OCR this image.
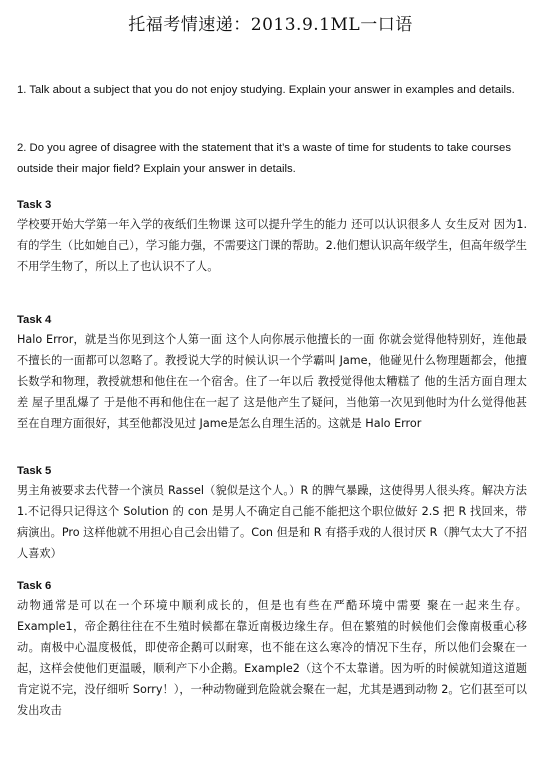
托福考情速递：2013.9.1ML一口语
1. Talk about a subject that you do not enjoy studying. Explain your answer in examples and details.
2. Do you agree of disagree with the statement that it’s a waste of time for students to take courses outside their major field? Explain your answer in details.
Task 3
学校要开始大学第一年入学的夜纸们生物课 这可以提升学生的能力 还可以认识很多人 女生反对 因为1.有的学生（比如她自己），学习能力强，不需要这门课的帮助。2.他们想认识高年级学生，但高年级学生不用学生物了，所以上了也认识不了人。
Task 4
Halo Error，就是当你见到这个人第一面 这个人向你展示他擅长的一面 你就会觉得他特别好，连他最不擅长的一面都可以忽略了。教授说大学的时候认识一个学霸叫 Jame，他碰见什么物理题都会，他擅长数学和物理，教授就想和他住在一个宿舍。住了一年以后 教授觉得他太糟糕了 他的生活方面自理太差 屋子里乱爆了 于是他不再和他住在一起了 这是他产生了疑问，当他第一次见到他时为什么觉得他甚至在自理方面很好，其至他都没见过 Jame是怎么自理生活的。这就是 Halo Error
Task 5
男主角被要求去代替一个演员 Rassel（貌似是这个人。）R 的脾气暴躁，这使得男人很头疼。解决方法 1.不记得只记得这个 Solution 的 con 是男人不确定自己能不能把这个职位做好 2.S 把 R 找回来，带病演出。Pro 这样他就不用担心自己会出错了。Con 但是和 R 有搭手戏的人很讨厌 R（脾气太大了不招人喜欢）
Task 6
动物通常是可以在一个环境中顺利成长的，但是也有些在严酷环境中需要 聚在一起来生存。Example1，帝企鹅往往在不生殖时候都在靠近南极边缘生存。但在繁殖的时候他们会像南极重心移动。南极中心温度极低，即使帝企鹅可以耐寒，也不能在这么寒冷的情况下生存，所以他们会聚在一起，这样会使他们更温暖，顺利产下小企鹅。Example2（这个不太靠谱。因为听的时候就知道这道题肯定说不完，没仔细听 Sorry！），一种动物碰到危险就会聚在一起，尤其是遇到动物 2。它们甚至可以发出攻击
